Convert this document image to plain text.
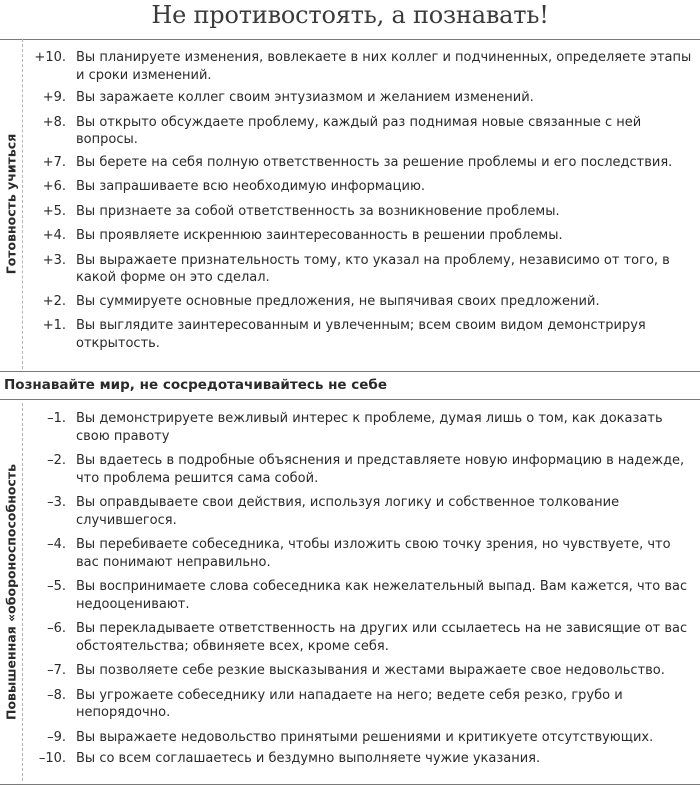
Не противостоять, а познавать!
Готовность учиться
+10. Вы планируете изменения, вовлекаете в них коллег и подчиненных, определяете этапы и сроки изменений.
+9. Вы заражаете коллег своим энтузиазмом и желанием изменений.
+8. Вы открыто обсуждаете проблему, каждый раз поднимая новые связанные с ней вопросы.
+7. Вы берете на себя полную ответственность за решение проблемы и его последствия.
+6. Вы запрашиваете всю необходимую информацию.
+5. Вы признаете за собой ответственность за возникновение проблемы.
+4. Вы проявляете искреннюю заинтересованность в решении проблемы.
+3. Вы выражаете признательность тому, кто указал на проблему, независимо от того, в какой форме он это сделал.
+2. Вы суммируете основные предложения, не выпячивая своих предложений.
+1. Вы выглядите заинтересованным и увлеченным; всем своим видом демонстрируя открытость.
Познавайте мир, не сосредотачивайтесь не себе
Повышенная «обороноспособность
–1. Вы демонстрируете вежливый интерес к проблеме, думая лишь о том, как доказать свою правоту
–2. Вы вдаетесь в подробные объяснения и представляете новую информацию в надежде, что проблема решится сама собой.
–3. Вы оправдываете свои действия, используя логику и собственное толкование случившегося.
–4. Вы перебиваете собеседника, чтобы изложить свою точку зрения, но чувствуете, что вас понимают неправильно.
–5. Вы воспринимаете слова собеседника как нежелательный выпад. Вам кажется, что вас недооценивают.
–6. Вы перекладываете ответственность на других или ссылаетесь на не зависящие от вас обстоятельства; обвиняете всех, кроме себя.
–7. Вы позволяете себе резкие высказывания и жестами выражаете свое недовольство.
–8. Вы угрожаете собеседнику или нападаете на него; ведете себя резко, грубо и непорядочно.
–9. Вы выражаете недовольство принятыми решениями и критикуете отсутствующих.
–10. Вы со всем соглашаетесь и бездумно выполняете чужие указания.
